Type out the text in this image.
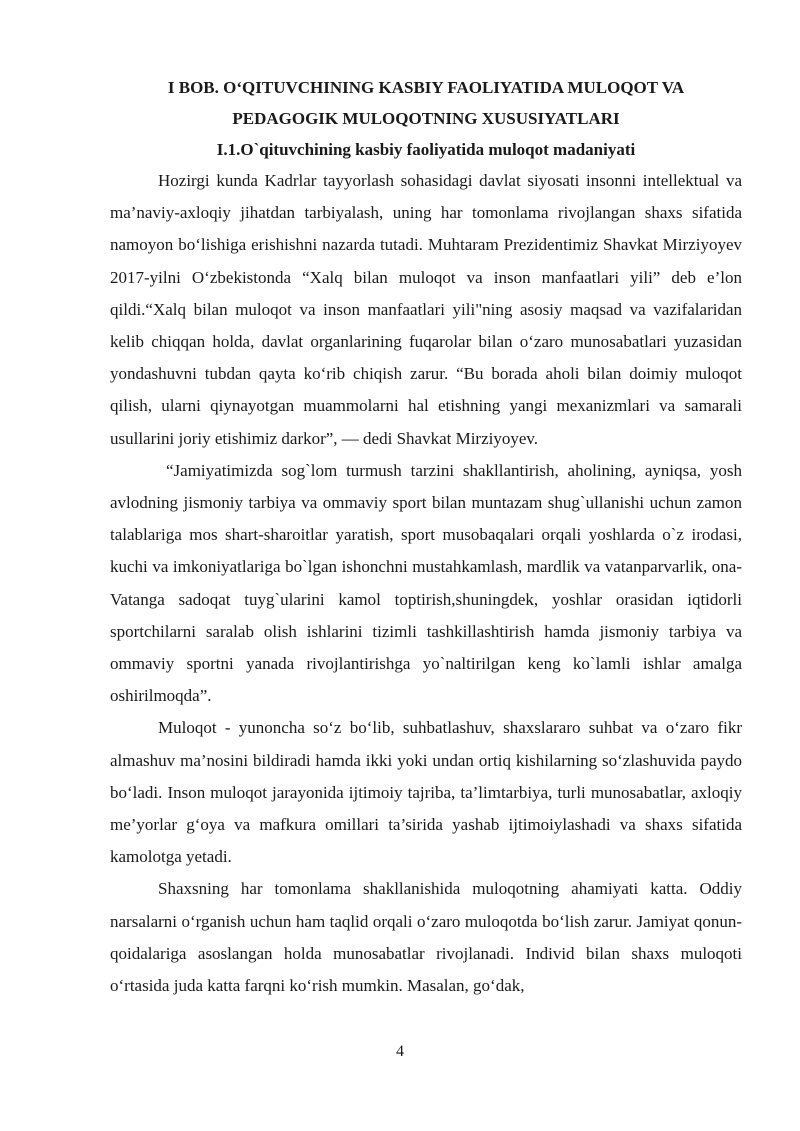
I BOB. O‘QITUVCHINING KASBIY FAOLIYATIDA MULOQOT VA
PEDAGOGIK MULOQOTNING XUSUSIYATLARI
I.1.O`qituvchining kasbiy faoliyatida muloqot madaniyati

Hozirgi kunda Kadrlar tayyorlash sohasidagi davlat siyosati insonni intellektual va ma’naviy-axloqiy jihatdan tarbiyalash, uning har tomonlama rivojlangan shaxs sifatida namoyon bo‘lishiga erishishni nazarda tutadi. Muhtaram Prezidentimiz Shavkat Mirziyoyev 2017-yilni O‘zbekistonda “Xalq bilan muloqot va inson manfaatlari yili” deb e’lon qildi.“Xalq bilan muloqot va inson manfaatlari yili"ning asosiy maqsad va vazifalaridan kelib chiqqan holda, davlat organlarining fuqarolar bilan o‘zaro munosabatlari yuzasidan yondashuvni tubdan qayta ko‘rib chiqish zarur. “Bu borada aholi bilan doimiy muloqot qilish, ularni qiynayotgan muammolarni hal etishning yangi mexanizmlari va samarali usullarini joriy etishimiz darkor”, — dedi Shavkat Mirziyoyev.

“Jamiyatimizda sog`lom turmush tarzini shakllantirish, aholining, ayniqsa, yosh avlodning jismoniy tarbiya va ommaviy sport bilan muntazam shug`ullanishi uchun zamon talablariga mos shart-sharoitlar yaratish, sport musobaqalari orqali yoshlarda o`z irodasi, kuchi va imkoniyatlariga bo`lgan ishonchni mustahkamlash, mardlik va vatanparvarlik, ona-Vatanga sadoqat tuyg`ularini kamol toptirish,shuningdek, yoshlar orasidan iqtidorli sportchilarni saralab olish ishlarini tizimli tashkillashtirish hamda jismoniy tarbiya va ommaviy sportni yanada rivojlantirishga yo`naltirilgan keng ko`lamli ishlar amalga oshirilmoqda”.

Muloqot - yunoncha so‘z bo‘lib, suhbatlashuv, shaxslararo suhbat va o‘zaro fikr almashuv ma’nosini bildiradi hamda ikki yoki undan ortiq kishilarning so‘zlashuvida paydo bo‘ladi. Inson muloqot jarayonida ijtimoiy tajriba, ta’limtarbiya, turli munosabatlar, axloqiy me’yorlar g‘oya va mafkura omillari ta’sirida yashab ijtimoiylashadi va shaxs sifatida kamolotga yetadi.

Shaxsning har tomonlama shakllanishida muloqotning ahamiyati katta. Oddiy narsalarni o‘rganish uchun ham taqlid orqali o‘zaro muloqotda bo‘lish zarur. Jamiyat qonun-qoidalariga asoslangan holda munosabatlar rivojlanadi. Individ bilan shaxs muloqoti o‘rtasida juda katta farqni ko‘rish mumkin. Masalan, go‘dak,

4
